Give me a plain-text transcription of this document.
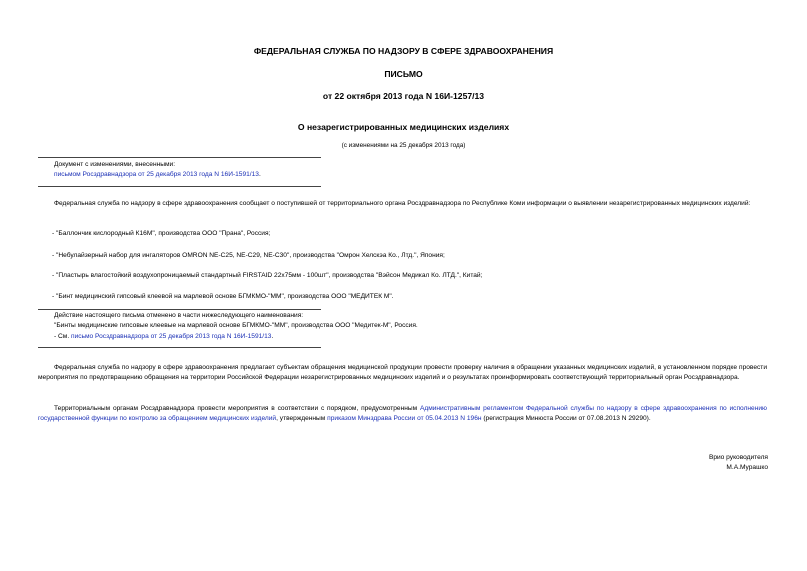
ФЕДЕРАЛЬНАЯ СЛУЖБА ПО НАДЗОРУ В СФЕРЕ ЗДРАВООХРАНЕНИЯ
ПИСЬМО
от 22 октября 2013 года N 16И-1257/13
О незарегистрированных медицинских изделиях
(с изменениями на 25 декабря 2013 года)
Документ с изменениями, внесенными:
письмом Росздравнадзора от 25 декабря 2013 года N 16И-1591/13.
Федеральная служба по надзору в сфере здравоохранения сообщает о поступившей от территориального органа Росздравнадзора по Республике Коми информации о выявлении незарегистрированных медицинских изделий:
- "Баллончик кислородный К16М", производства ООО "Прана", Россия;
- "Небулайзерный набор для ингаляторов OMRON NE-C25, NE-C29, NE-C30", производства "Омрон Хелскэа Ко., Лтд.", Япония;
- "Пластырь влагостойкий воздухопроницаемый стандартный FIRSTAID 22х75мм - 100шт", производства "Вэйсон Медикал Ко. ЛТД.", Китай;
- "Бинт медицинский гипсовый клеевой на марлевой основе БГМКМО-"ММ", производства ООО "МЕДИТЕК М".
Действие настоящего письма отменено в части нижеследующего наименования:
"Бинты медицинские гипсовые клеевые на марлевой основе БГМКМО-"ММ", производства ООО "Медитек-М", Россия.
- См. письмо Росздравнадзора от 25 декабря 2013 года N 16И-1591/13.
Федеральная служба по надзору в сфере здравоохранения предлагает субъектам обращения медицинской продукции провести проверку наличия в обращении указанных медицинских изделий, в установленном порядке провести мероприятия по предотвращению обращения на территории Российской Федерации незарегистрированных медицинских изделий и о результатах проинформировать соответствующий территориальный орган Росздравнадзора.
Территориальным органам Росздравнадзора провести мероприятия в соответствии с порядком, предусмотренным Административным регламентом Федеральной службы по надзору в сфере здравоохранения по исполнению государственной функции по контролю за обращением медицинских изделий, утвержденным приказом Минздрава России от 05.04.2013 N 196н (регистрация Минюста России от 07.08.2013 N 29290).
Врио руководителя
М.А.Мурашко
